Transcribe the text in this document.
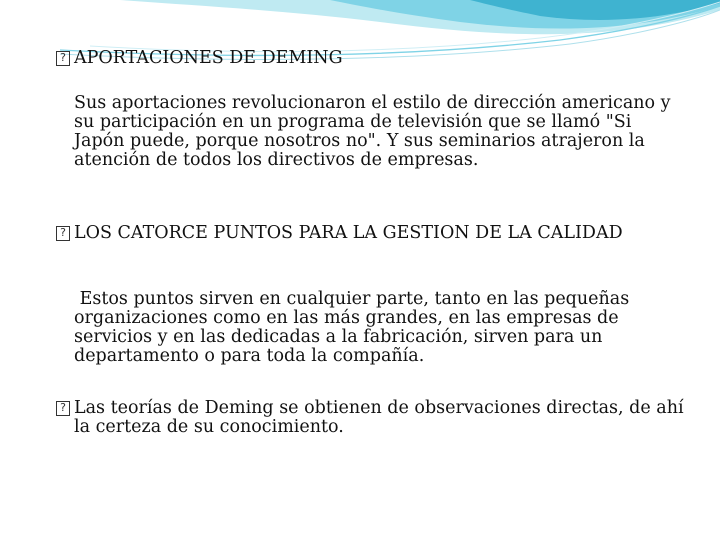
? APORTACIONES DE DEMING
Sus aportaciones revolucionaron el estilo de dirección americano y su participación en un programa de televisión que se llamó "Si Japón puede, porque nosotros no". Y sus seminarios atrajeron la atención de todos los directivos de empresas.
? LOS CATORCE PUNTOS PARA LA GESTION DE LA CALIDAD
Estos puntos sirven en cualquier parte, tanto en las pequeñas organizaciones como en las más grandes, en las empresas de servicios y en las dedicadas a la fabricación, sirven para un departamento o para toda la compañía.
? Las teorías de Deming se obtienen de observaciones directas, de ahí la certeza de su conocimiento.
